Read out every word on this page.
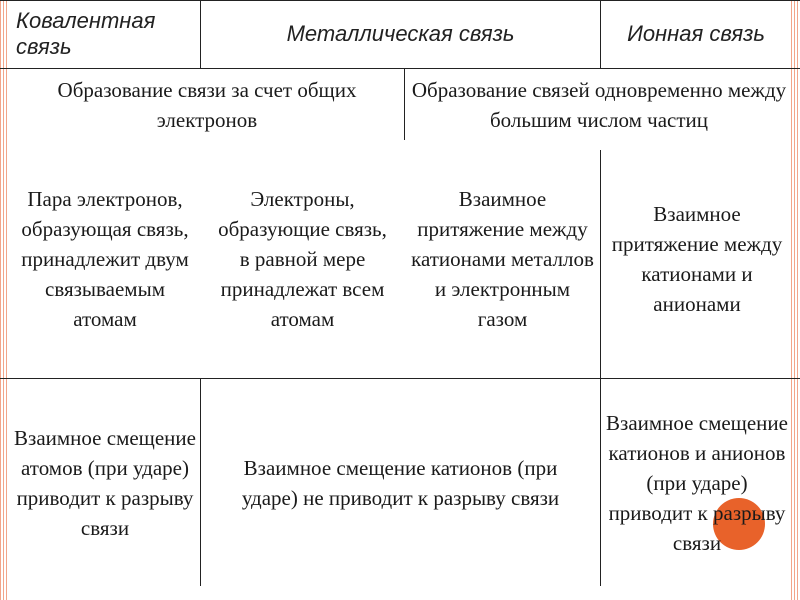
Ковалентная связь
Металлическая связь	Ионная связь
Образование связи за счет общих электронов
Образование связей одновременно между большим числом частиц
Пара электронов, образующая связь, принадлежит двум связываемым атомам
Электроны, образующие связь, в равной мере принадлежат всем атомам
Взаимное притяжение между катионами металлов и электронным газом
Взаимное притяжение между катионами и анионами
Взаимное смещение атомов (при ударе) приводит к разрыву связи
Взаимное смещение катионов (при ударе) не приводит к разрыву связи
Взаимное смещение катионов и анионов (при ударе) приводит к разрыву связи
